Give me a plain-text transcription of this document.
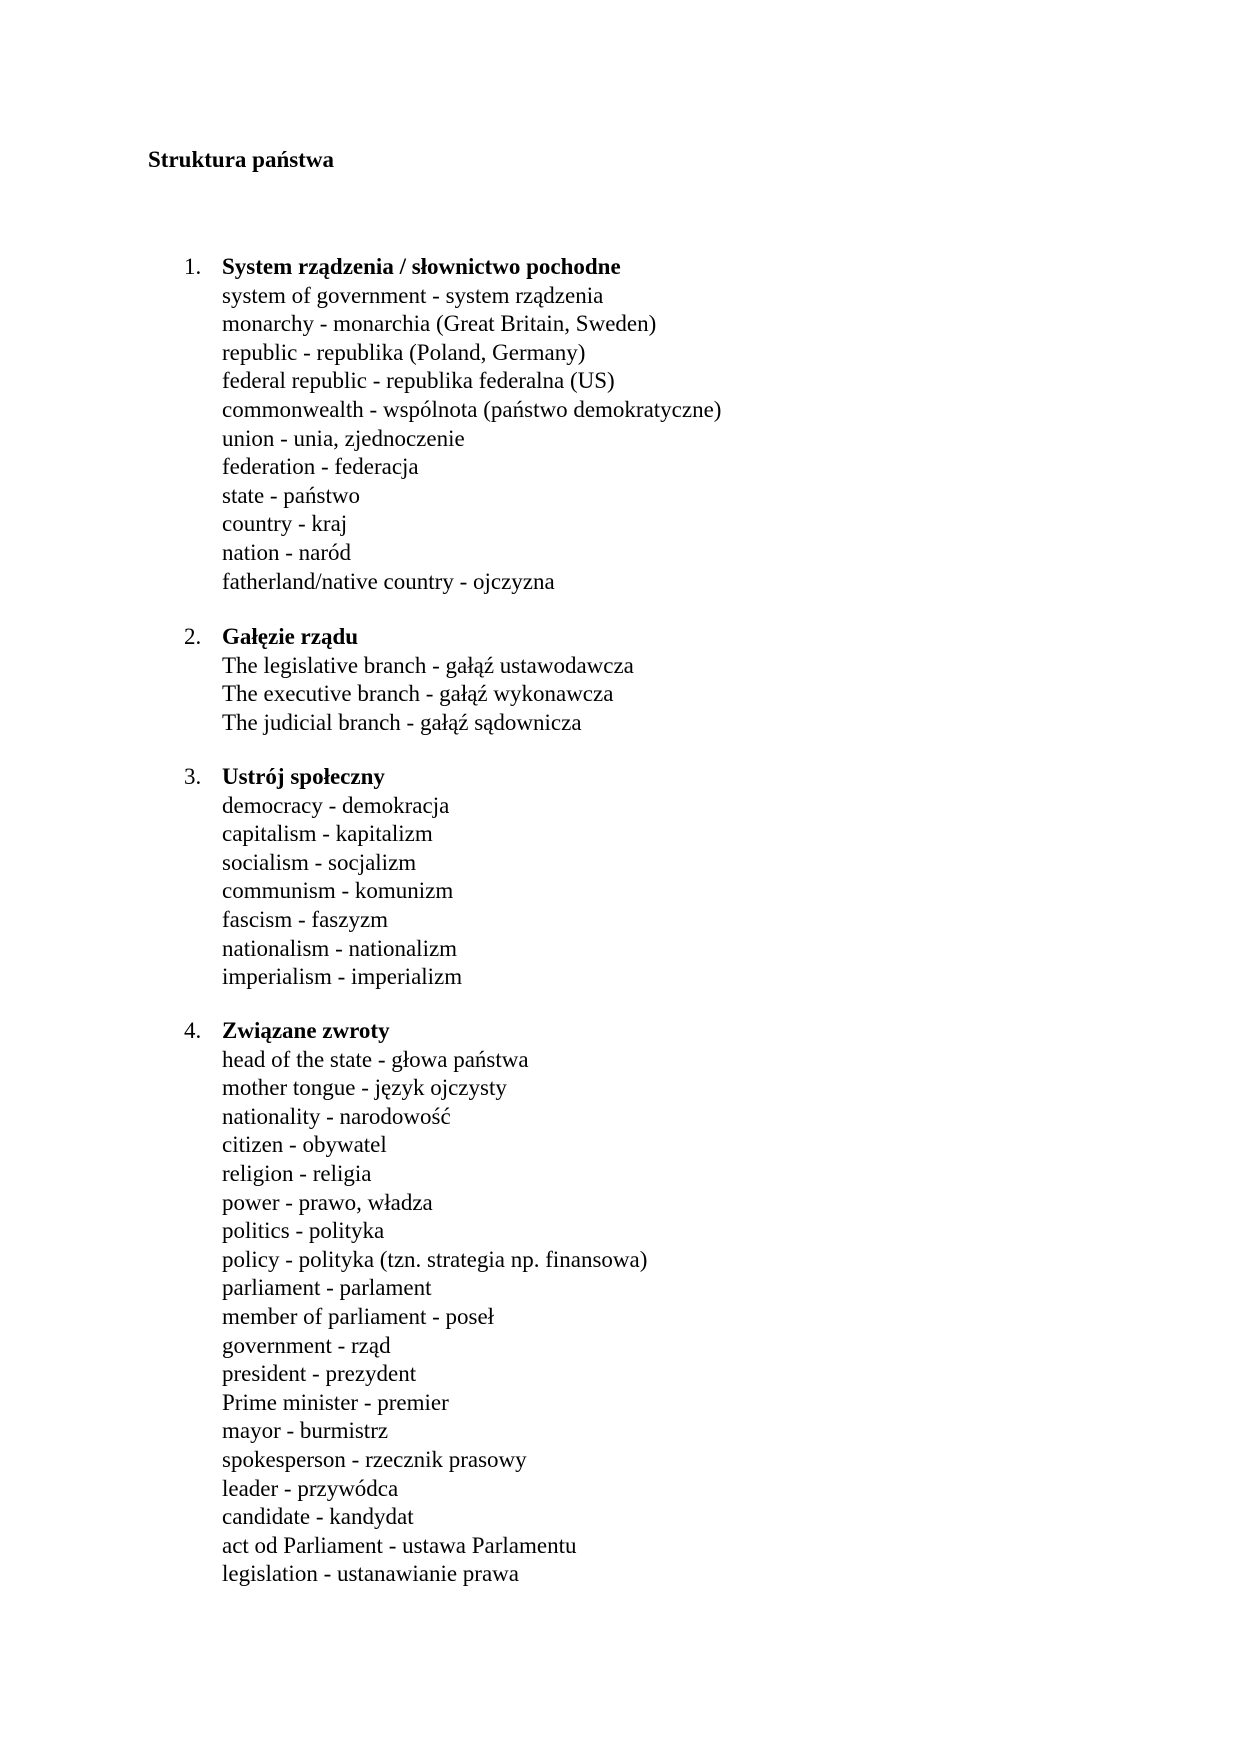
Struktura państwa
1. System rządzenia / słownictwo pochodne
system of government - system rządzenia
monarchy - monarchia (Great Britain, Sweden)
republic - republika (Poland, Germany)
federal republic - republika federalna (US)
commonwealth - wspólnota (państwo demokratyczne)
union - unia, zjednoczenie
federation - federacja
state - państwo
country - kraj
nation - naród
fatherland/native country - ojczyzna
2. Gałęzie rządu
The legislative branch - gałąź ustawodawcza
The executive branch - gałąź wykonawcza
The judicial branch - gałąź sądownicza
3. Ustrój społeczny
democracy - demokracja
capitalism - kapitalizm
socialism - socjalizm
communism - komunizm
fascism - faszyzm
nationalism - nationalizm
imperialism - imperializm
4. Związane zwroty
head of the state - głowa państwa
mother tongue - język ojczysty
nationality - narodowość
citizen - obywatel
religion - religia
power - prawo, władza
politics - polityka
policy - polityka (tzn. strategia np. finansowa)
parliament - parlament
member of parliament - poseł
government - rząd
president - prezydent
Prime minister - premier
mayor - burmistrz
spokesperson - rzecznik prasowy
leader - przywódca
candidate - kandydat
act od Parliament - ustawa Parlamentu
legislation - ustanawianie prawa
